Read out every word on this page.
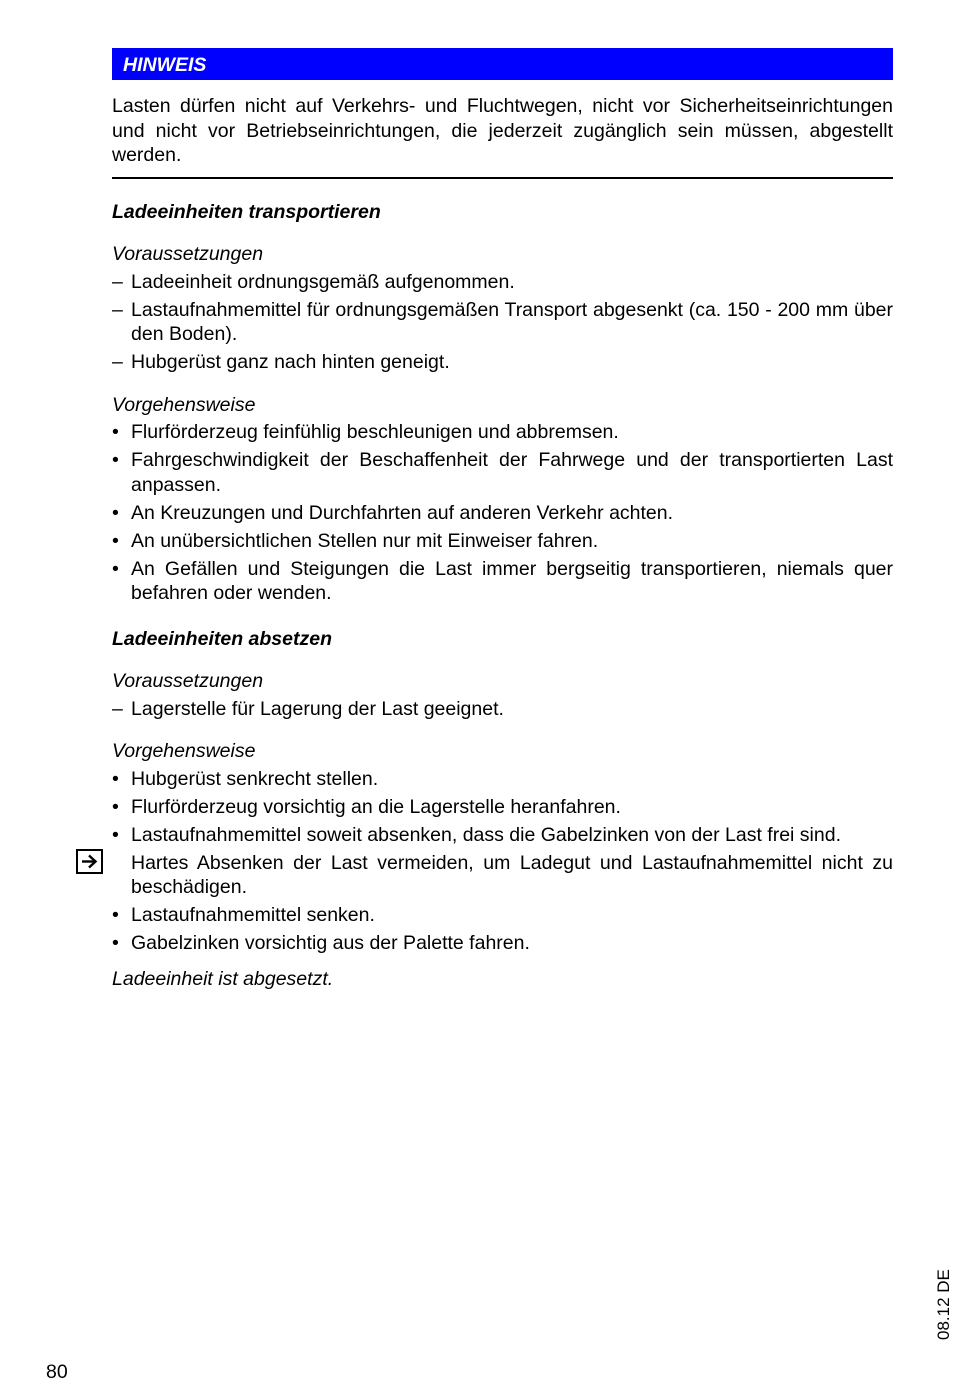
HINWEIS
Lasten dürfen nicht auf Verkehrs- und Fluchtwegen, nicht vor Sicherheitseinrichtungen und nicht vor Betriebseinrichtungen, die jederzeit zugänglich sein müssen, abgestellt werden.
Ladeeinheiten transportieren
Voraussetzungen
– Ladeeinheit ordnungsgemäß aufgenommen.
– Lastaufnahmemittel für ordnungsgemäßen Transport abgesenkt (ca. 150 - 200 mm über den Boden).
– Hubgerüst ganz nach hinten geneigt.
Vorgehensweise
• Flurförderzeug feinfühlig beschleunigen und abbremsen.
• Fahrgeschwindigkeit der Beschaffenheit der Fahrwege und der transportierten Last anpassen.
• An Kreuzungen und Durchfahrten auf anderen Verkehr achten.
• An unübersichtlichen Stellen nur mit Einweiser fahren.
• An Gefällen und Steigungen die Last immer bergseitig transportieren, niemals quer befahren oder wenden.
Ladeeinheiten absetzen
Voraussetzungen
– Lagerstelle für Lagerung der Last geeignet.
Vorgehensweise
• Hubgerüst senkrecht stellen.
• Flurförderzeug vorsichtig an die Lagerstelle heranfahren.
• Lastaufnahmemittel soweit absenken, dass die Gabelzinken von der Last frei sind.
Hartes Absenken der Last vermeiden, um Ladegut und Lastaufnahmemittel nicht zu beschädigen.
• Lastaufnahmemittel senken.
• Gabelzinken vorsichtig aus der Palette fahren.
Ladeeinheit ist abgesetzt.
08.12 DE
80
